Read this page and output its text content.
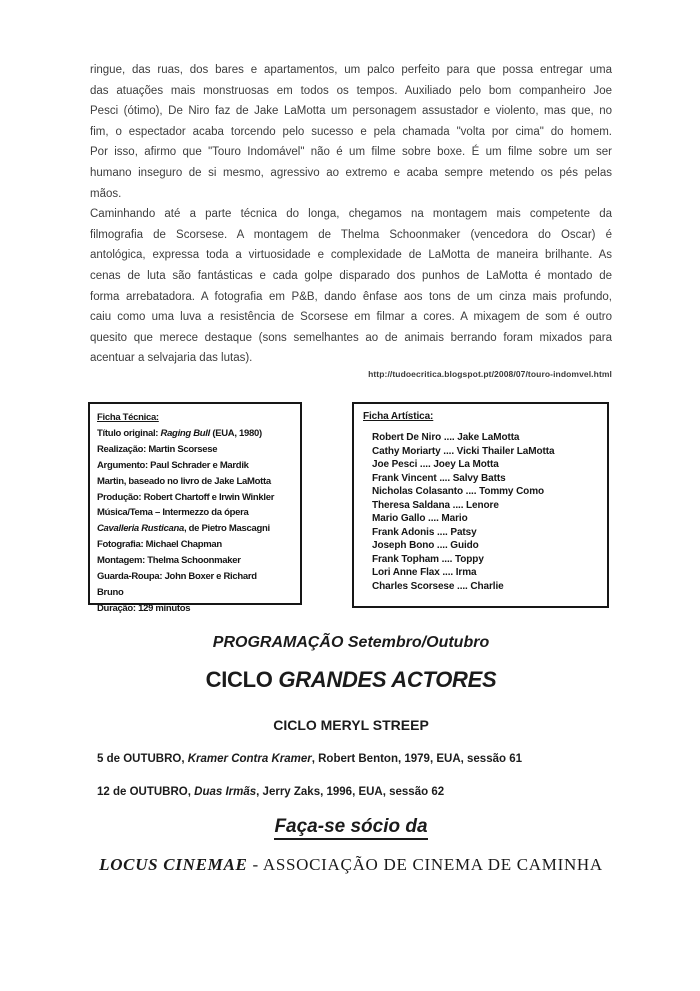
ringue, das ruas, dos bares e apartamentos, um palco perfeito para que possa entregar uma
das atuações mais monstruosas em todos os tempos. Auxiliado pelo bom companheiro Joe
Pesci (ótimo), De Niro faz de Jake LaMotta um personagem assustador e violento, mas que, no
fim, o espectador acaba torcendo pelo sucesso e pela chamada "volta por cima" do homem.
Por isso, afirmo que "Touro Indomável" não é um filme sobre boxe. É um filme sobre um ser
humano inseguro de si mesmo, agressivo ao extremo e acaba sempre metendo os pés pelas
mãos.
Caminhando até a parte técnica do longa, chegamos na montagem mais competente da
filmografia de Scorsese. A montagem de Thelma Schoonmaker (vencedora do Oscar) é
antológica, expressa toda a virtuosidade e complexidade de LaMotta de maneira brilhante. As
cenas de luta são fantásticas e cada golpe disparado dos punhos de LaMotta é montado de
forma arrebatadora. A fotografia em P&B, dando ênfase aos tons de um cinza mais profundo,
caiu como uma luva a resistência de Scorsese em filmar a cores. A mixagem de som é outro
quesito que merece destaque (sons semelhantes ao de animais berrando foram mixados para
acentuar a selvajaria das lutas).
http://tudoecritica.blogspot.pt/2008/07/touro-indomvel.html
Ficha Técnica:
Título original: Raging Bull (EUA, 1980)
Realização: Martin Scorsese
Argumento: Paul Schrader e Mardik
Martin, baseado no livro de Jake LaMotta
Produção: Robert Chartoff e Irwin Winkler
Música/Tema – Intermezzo da ópera
Cavalleria Rusticana, de Pietro Mascagni
Fotografia: Michael Chapman
Montagem: Thelma Schoonmaker
Guarda-Roupa: John Boxer e Richard
Bruno
Duração: 129 minutos
Ficha Artística:
Robert De Niro .... Jake LaMotta
Cathy Moriarty .... Vicki Thailer LaMotta
Joe Pesci .... Joey La Motta
Frank Vincent .... Salvy Batts
Nicholas Colasanto .... Tommy Como
Theresa Saldana .... Lenore
Mario Gallo .... Mario
Frank Adonis .... Patsy
Joseph Bono .... Guido
Frank Topham .... Toppy
Lori Anne Flax .... Irma
Charles Scorsese .... Charlie
PROGRAMAÇÃO Setembro/Outubro
CICLO GRANDES ACTORES
CICLO MERYL STREEP
5 de OUTUBRO, Kramer Contra Kramer, Robert Benton, 1979, EUA, sessão 61
12 de OUTUBRO, Duas Irmãs, Jerry Zaks, 1996, EUA, sessão 62
Faça-se sócio da
LOCUS CINEMAE - ASSOCIAÇÃO DE CINEMA DE CAMINHA
